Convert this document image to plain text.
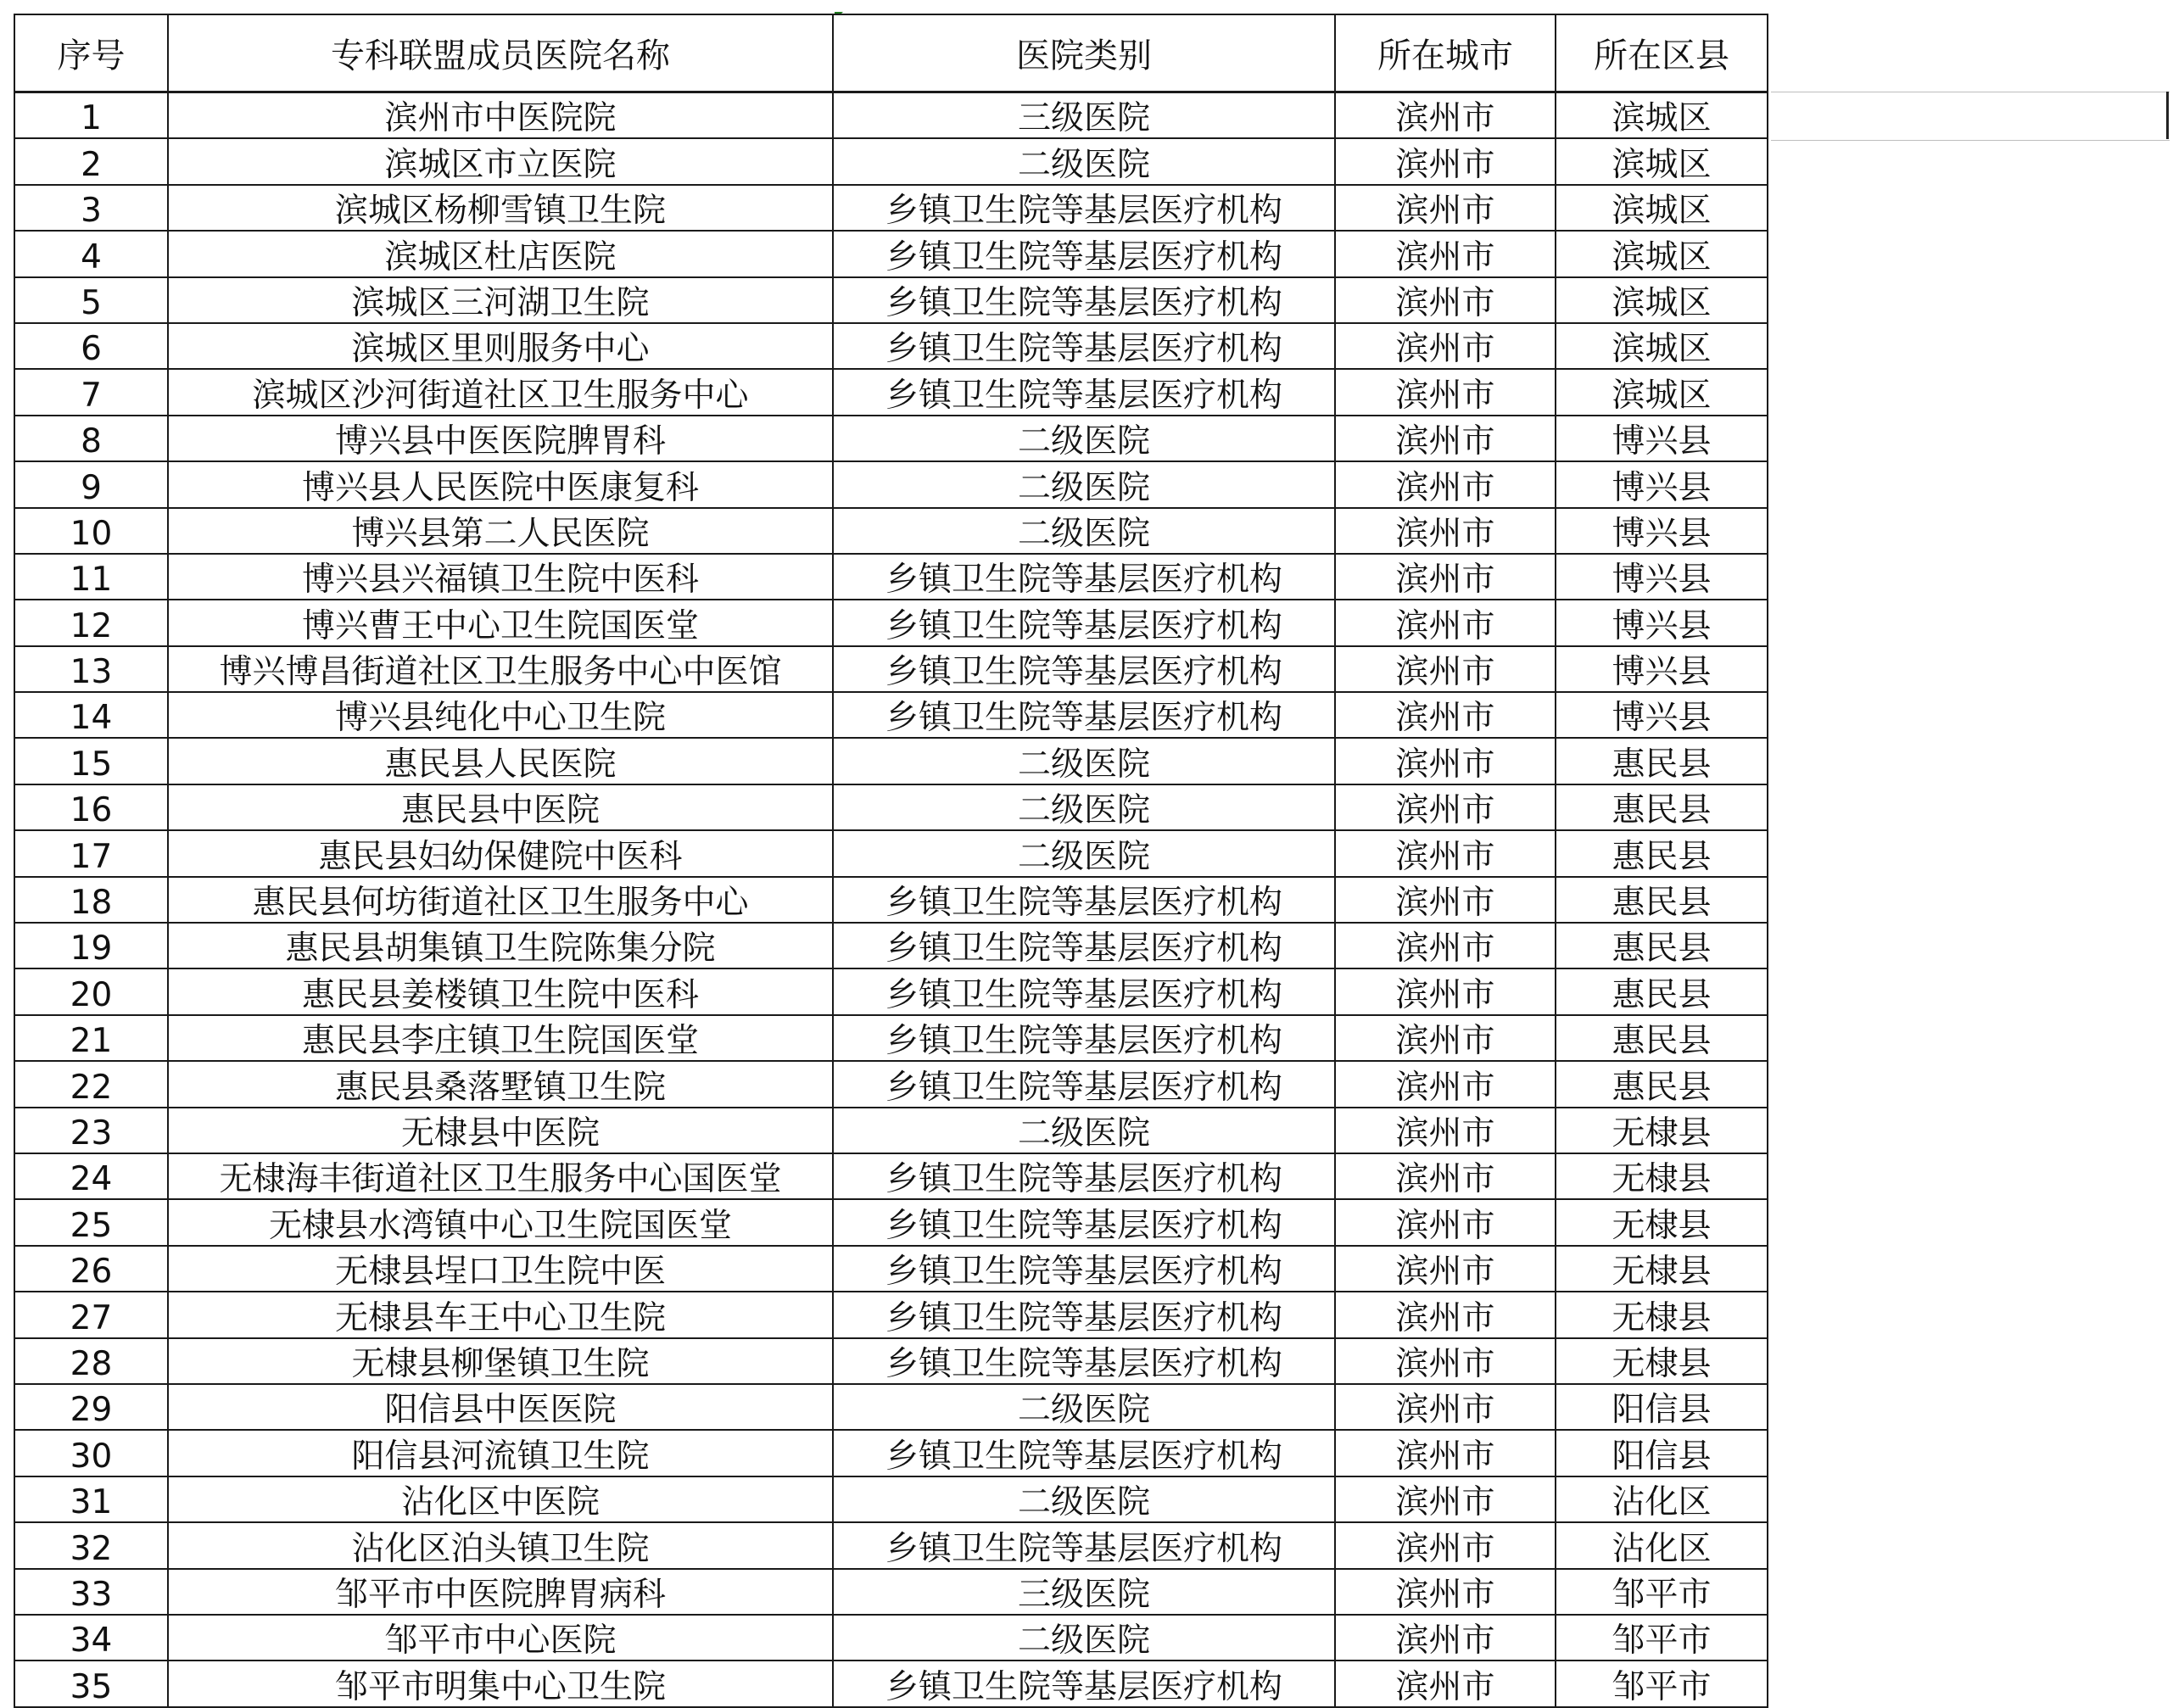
序号	专科联盟成员医院名称	医院类别	所在城市	所在区县
1	滨州市中医院院	三级医院	滨州市	滨城区
2	滨城区市立医院	二级医院	滨州市	滨城区
3	滨城区杨柳雪镇卫生院	乡镇卫生院等基层医疗机构	滨州市	滨城区
4	滨城区杜店医院	乡镇卫生院等基层医疗机构	滨州市	滨城区
5	滨城区三河湖卫生院	乡镇卫生院等基层医疗机构	滨州市	滨城区
6	滨城区里则服务中心	乡镇卫生院等基层医疗机构	滨州市	滨城区
7	滨城区沙河街道社区卫生服务中心	乡镇卫生院等基层医疗机构	滨州市	滨城区
8	博兴县中医医院脾胃科	二级医院	滨州市	博兴县
9	博兴县人民医院中医康复科	二级医院	滨州市	博兴县
10	博兴县第二人民医院	二级医院	滨州市	博兴县
11	博兴县兴福镇卫生院中医科	乡镇卫生院等基层医疗机构	滨州市	博兴县
12	博兴曹王中心卫生院国医堂	乡镇卫生院等基层医疗机构	滨州市	博兴县
13	博兴博昌街道社区卫生服务中心中医馆	乡镇卫生院等基层医疗机构	滨州市	博兴县
14	博兴县纯化中心卫生院	乡镇卫生院等基层医疗机构	滨州市	博兴县
15	惠民县人民医院	二级医院	滨州市	惠民县
16	惠民县中医院	二级医院	滨州市	惠民县
17	惠民县妇幼保健院中医科	二级医院	滨州市	惠民县
18	惠民县何坊街道社区卫生服务中心	乡镇卫生院等基层医疗机构	滨州市	惠民县
19	惠民县胡集镇卫生院陈集分院	乡镇卫生院等基层医疗机构	滨州市	惠民县
20	惠民县姜楼镇卫生院中医科	乡镇卫生院等基层医疗机构	滨州市	惠民县
21	惠民县李庄镇卫生院国医堂	乡镇卫生院等基层医疗机构	滨州市	惠民县
22	惠民县桑落墅镇卫生院	乡镇卫生院等基层医疗机构	滨州市	惠民县
23	无棣县中医院	二级医院	滨州市	无棣县
24	无棣海丰街道社区卫生服务中心国医堂	乡镇卫生院等基层医疗机构	滨州市	无棣县
25	无棣县水湾镇中心卫生院国医堂	乡镇卫生院等基层医疗机构	滨州市	无棣县
26	无棣县埕口卫生院中医	乡镇卫生院等基层医疗机构	滨州市	无棣县
27	无棣县车王中心卫生院	乡镇卫生院等基层医疗机构	滨州市	无棣县
28	无棣县柳堡镇卫生院	乡镇卫生院等基层医疗机构	滨州市	无棣县
29	阳信县中医医院	二级医院	滨州市	阳信县
30	阳信县河流镇卫生院	乡镇卫生院等基层医疗机构	滨州市	阳信县
31	沾化区中医院	二级医院	滨州市	沾化区
32	沾化区泊头镇卫生院	乡镇卫生院等基层医疗机构	滨州市	沾化区
33	邹平市中医院脾胃病科	三级医院	滨州市	邹平市
34	邹平市中心医院	二级医院	滨州市	邹平市
35	邹平市明集中心卫生院	乡镇卫生院等基层医疗机构	滨州市	邹平市
